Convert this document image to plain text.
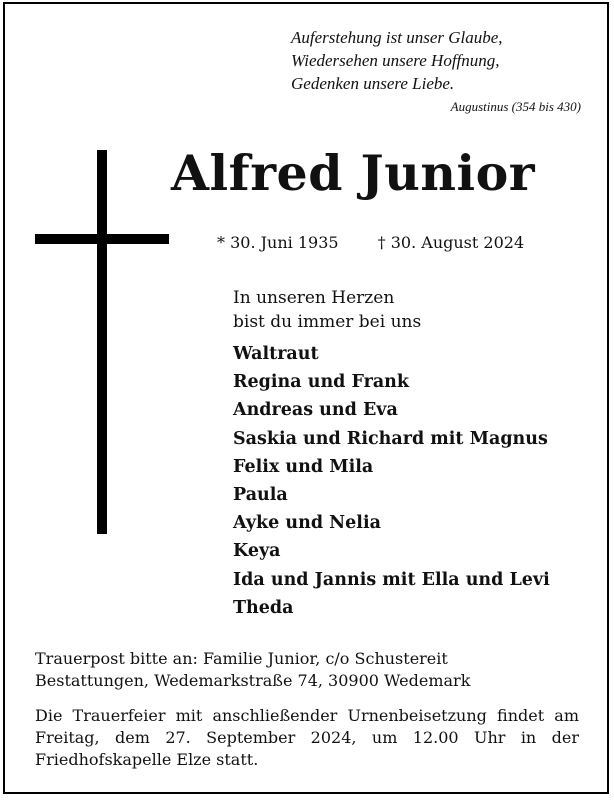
Auferstehung ist unser Glaube,
Wiedersehen unsere Hoffnung,
Gedenken unsere Liebe.
Augustinus (354 bis 430)
Alfred Junior
* 30. Juni 1935 † 30. August 2024
In unseren Herzen
bist du immer bei uns
Waltraut
Regina und Frank
Andreas und Eva
Saskia und Richard mit Magnus
Felix und Mila
Paula
Ayke und Nelia
Keya
Ida und Jannis mit Ella und Levi
Theda
Trauerpost bitte an: Familie Junior, c/o Schustereit
Bestattungen, Wedemarkstraße 74, 30900 Wedemark
Die Trauerfeier mit anschließender Urnenbeisetzung findet am Freitag, dem 27. September 2024, um 12.00 Uhr in der Friedhofskapelle Elze statt.
